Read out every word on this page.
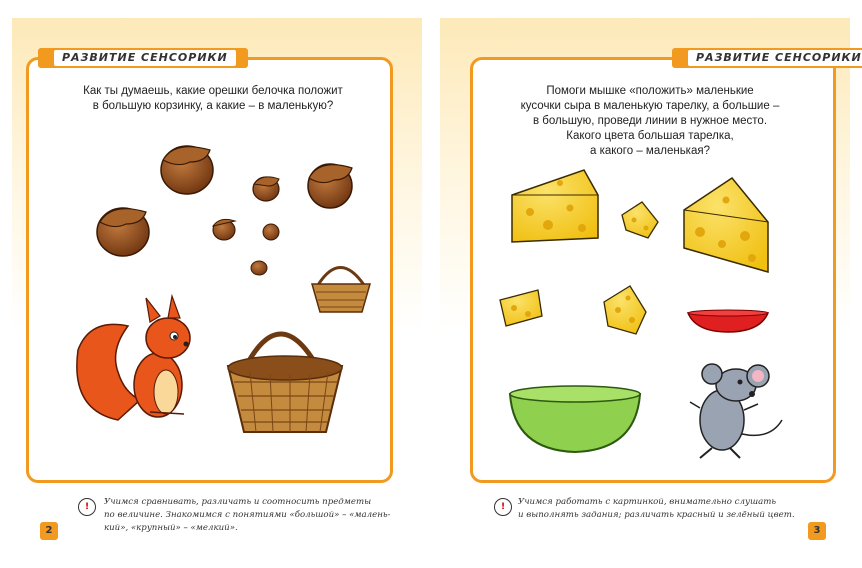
РАЗВИТИЕ СЕНСОРИКИ	РАЗВИТИЕ СЕНСОРИКИ
Как ты думаешь, какие орешки белочка положит
в большую корзинку, а какие – в маленькую?
Помоги мышке «положить» маленькие
кусочки сыра в маленькую тарелку, а большие –
в большую, проведи линии в нужное место.
Какого цвета большая тарелка,
а какого – маленькая?
!	Учимся сравнивать, различать и соотносить предметы
по величине. Знакомимся с понятиями «большой» – «малень-
кий», «крупный» – «мелкий».
!	Учимся работать с картинкой, внимательно слушать
и выполнять задания; различать красный и зелёный цвет.
2	3
